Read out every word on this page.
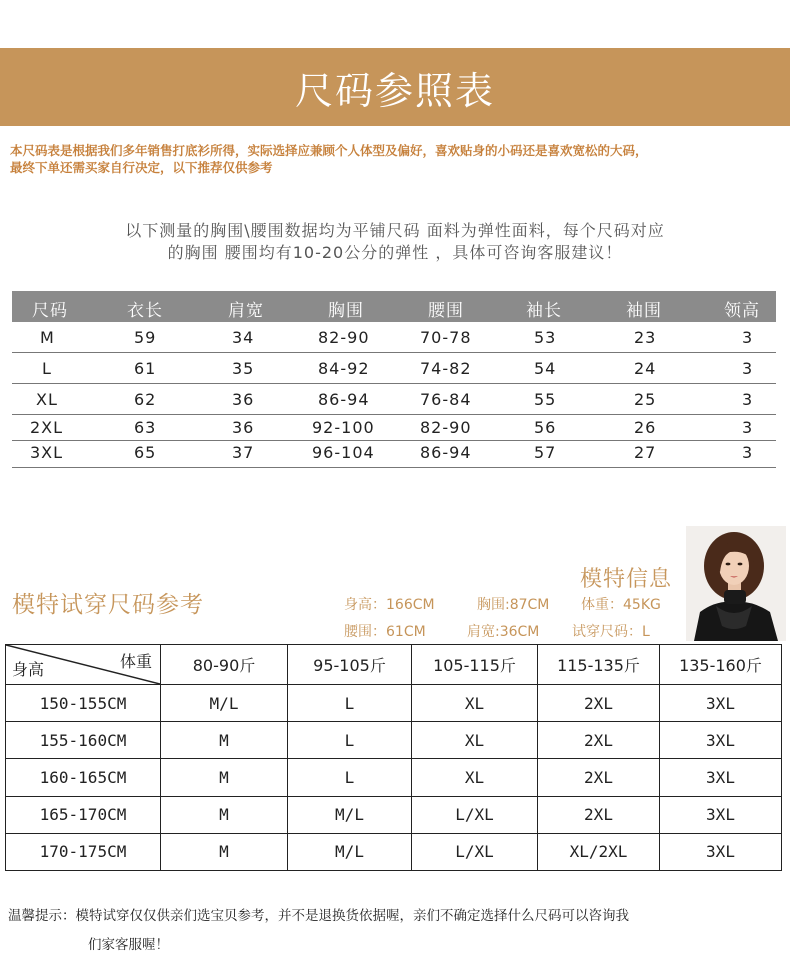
尺码参照表
本尺码表是根据我们多年销售打底衫所得，实际选择应兼顾个人体型及偏好，喜欢贴身的小码还是喜欢宽松的大码，
最终下单还需买家自行决定，以下推荐仅供参考
以下测量的胸围\腰围数据均为平铺尺码 面料为弹性面料，每个尺码对应
的胸围 腰围均有10-20公分的弹性 ，具体可咨询客服建议！
尺码	衣长	肩宽	胸围	腰围	袖长	袖围	领高
M	59	34	82-90	70-78	53	23	3
L	61	35	84-92	74-82	54	24	3
XL	62	36	86-94	76-84	55	25	3
2XL	63	36	92-100	82-90	56	26	3
3XL	65	37	96-104	86-94	57	27	3
模特试穿尺码参考
模特信息
身高：166CM	胸围:87CM 体重：45KG
腰围：61CM	肩宽:36CM 试穿尺码：L
体重
身高	80-90斤	95-105斤	105-115斤	115-135斤	135-160斤
150-155CM	M/L	L	XL	2XL	3XL
155-160CM	M	L	XL	2XL	3XL
160-165CM	M	L	XL	2XL	3XL
165-170CM	M	M/L	L/XL	2XL	3XL
170-175CM	M	M/L	L/XL	XL/2XL	3XL
温馨提示：模特试穿仅仅供亲们选宝贝参考，并不是退换货依据喔，亲们不确定选择什么尺码可以咨询我
们家客服喔！
